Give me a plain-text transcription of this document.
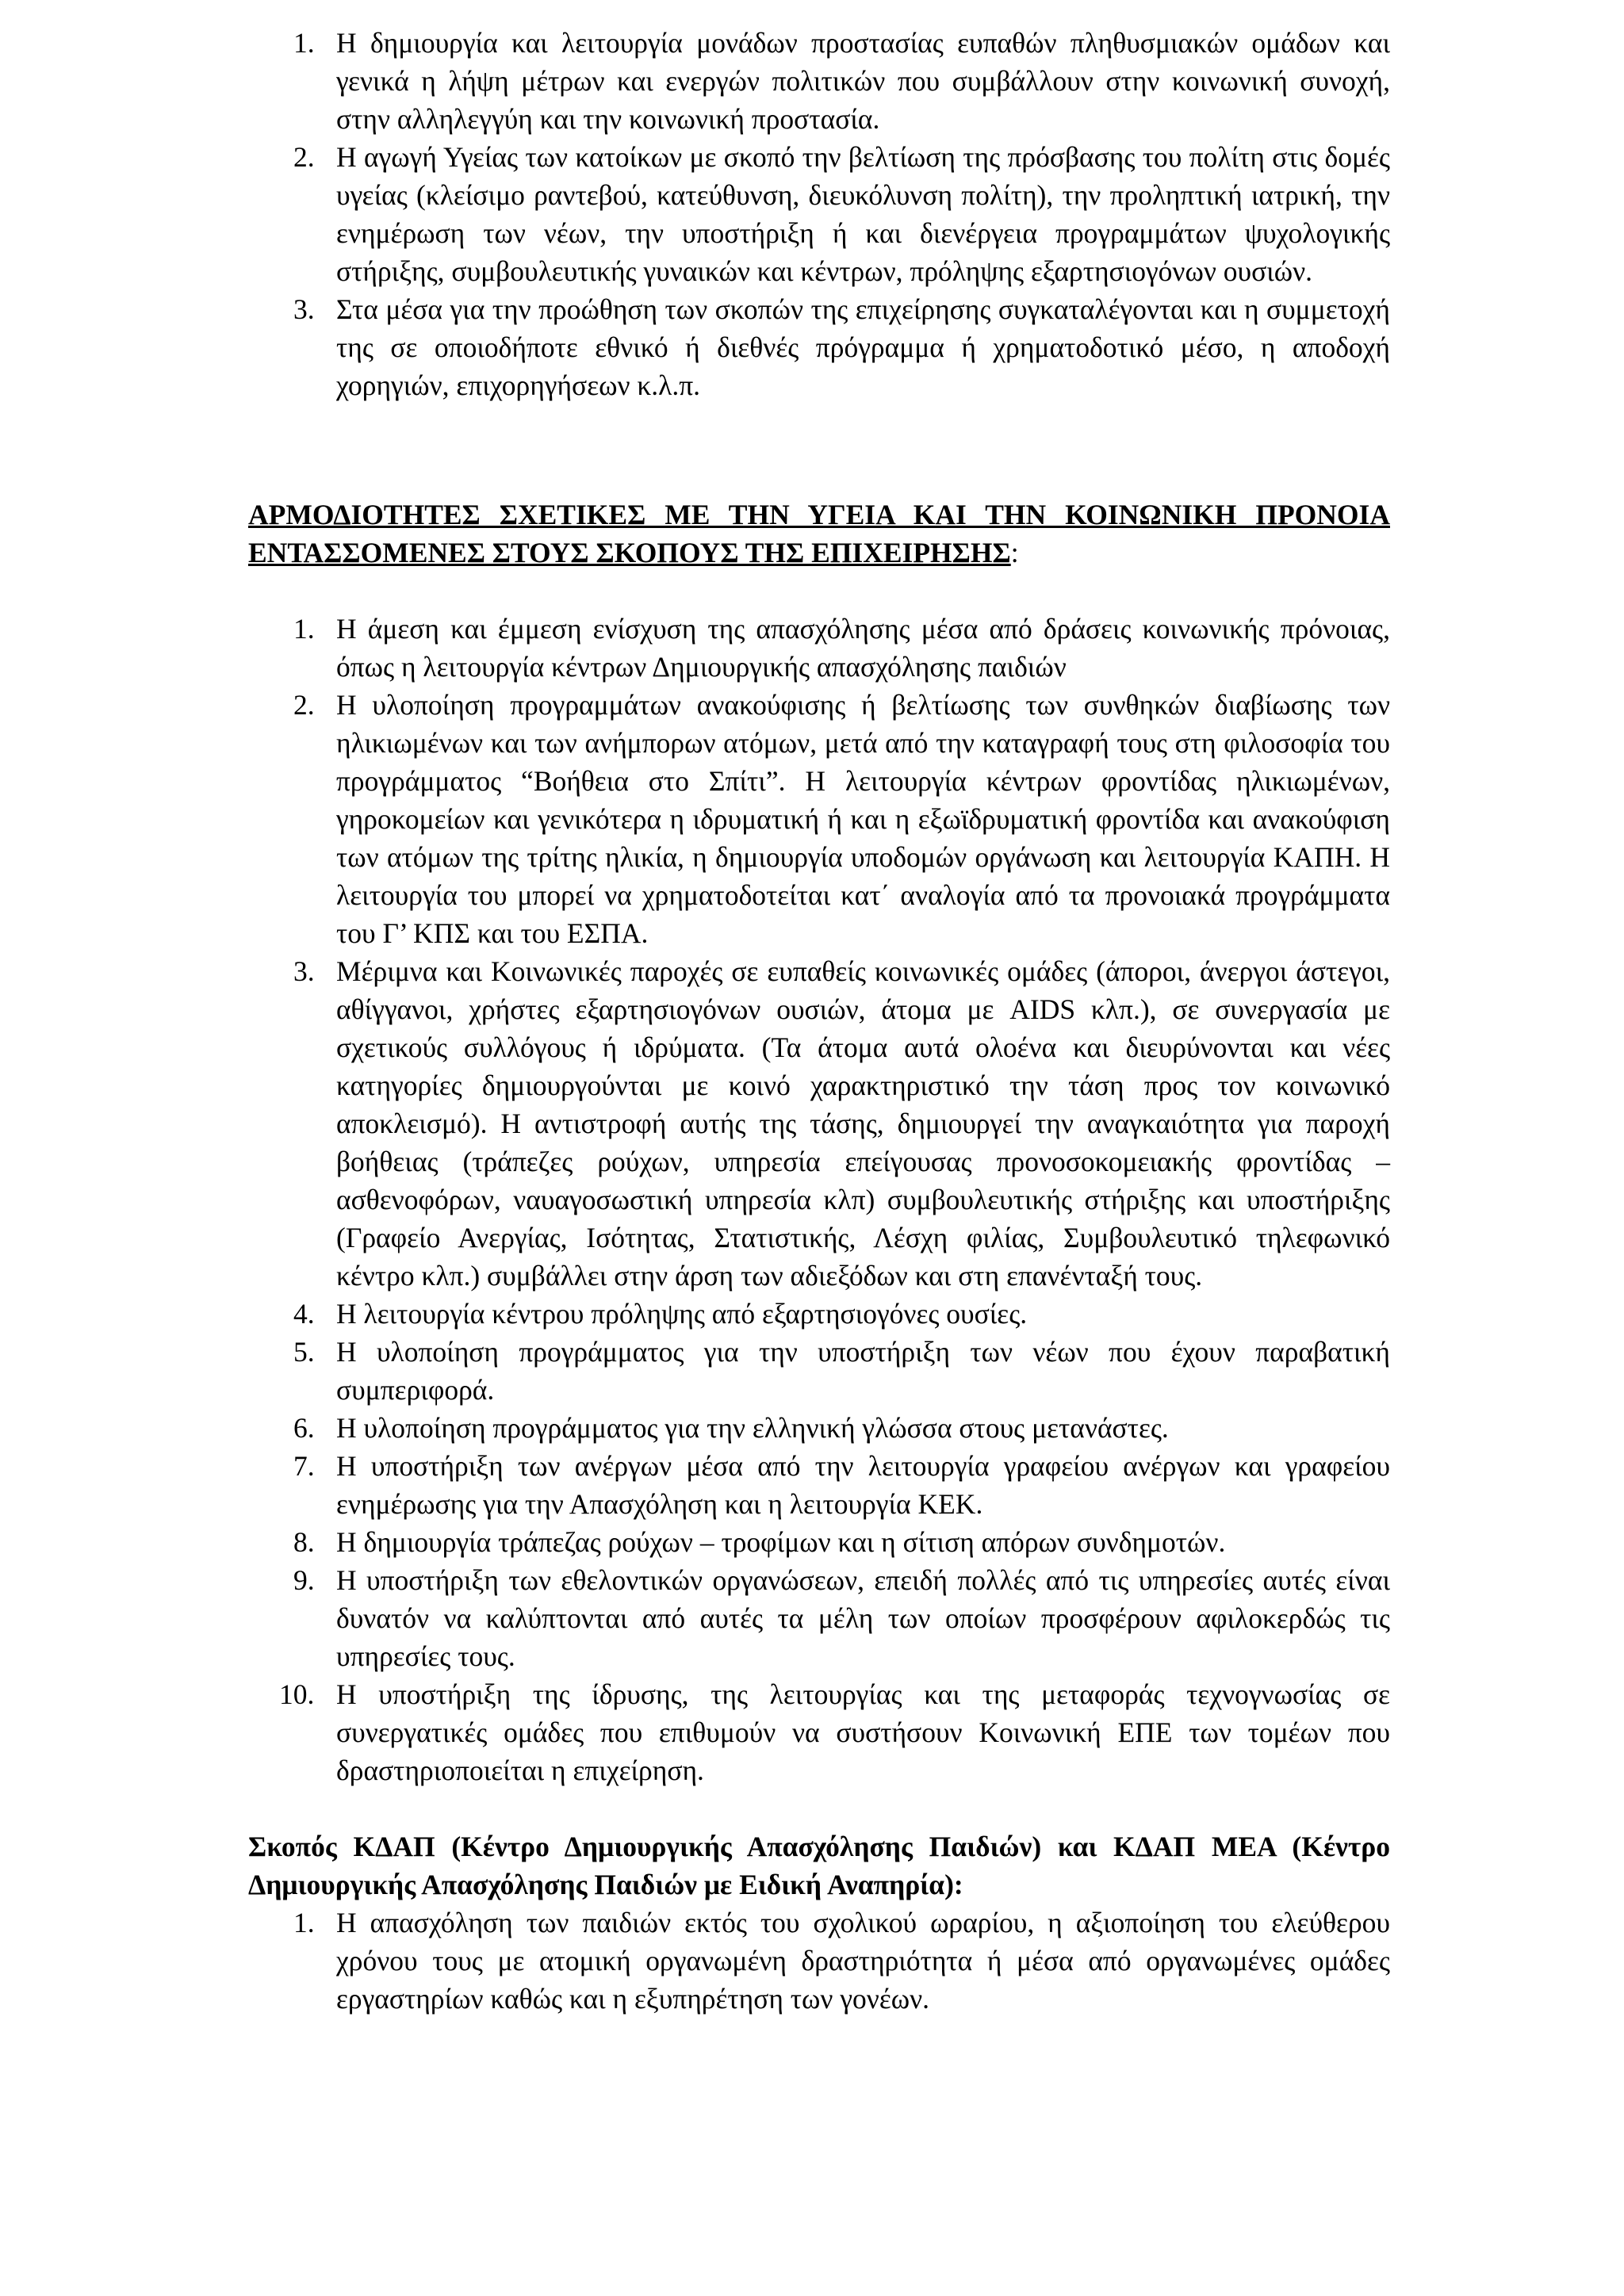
1. Η δημιουργία και λειτουργία μονάδων προστασίας ευπαθών πληθυσμιακών ομάδων και γενικά η λήψη μέτρων και ενεργών πολιτικών που συμβάλλουν στην κοινωνική συνοχή, στην αλληλεγγύη και την κοινωνική προστασία.
2. Η αγωγή Υγείας των κατοίκων με σκοπό την βελτίωση της πρόσβασης του πολίτη στις δομές υγείας (κλείσιμο ραντεβού, κατεύθυνση, διευκόλυνση πολίτη), την προληπτική ιατρική, την ενημέρωση των νέων, την υποστήριξη ή και διενέργεια προγραμμάτων ψυχολογικής στήριξης, συμβουλευτικής γυναικών και κέντρων, πρόληψης εξαρτησιογόνων ουσιών.
3. Στα μέσα για την προώθηση των σκοπών της επιχείρησης συγκαταλέγονται και η συμμετοχή της σε οποιοδήποτε εθνικό ή διεθνές πρόγραμμα ή χρηματοδοτικό μέσο, η αποδοχή χορηγιών, επιχορηγήσεων κ.λ.π.

ΑΡΜΟΔΙΟΤΗΤΕΣ ΣΧΕΤΙΚΕΣ ΜΕ ΤΗΝ ΥΓΕΙΑ ΚΑΙ ΤΗΝ ΚΟΙΝΩΝΙΚΗ ΠΡΟΝΟΙΑ ΕΝΤΑΣΣΟΜΕΝΕΣ ΣΤΟΥΣ ΣΚΟΠΟΥΣ ΤΗΣ ΕΠΙΧΕΙΡΗΣΗΣ:

1. Η άμεση και έμμεση ενίσχυση της απασχόλησης μέσα από δράσεις κοινωνικής πρόνοιας, όπως η λειτουργία κέντρων Δημιουργικής απασχόλησης παιδιών
2. Η υλοποίηση προγραμμάτων ανακούφισης ή βελτίωσης των συνθηκών διαβίωσης των ηλικιωμένων και των ανήμπορων ατόμων, μετά από την καταγραφή τους στη φιλοσοφία του προγράμματος “Βοήθεια στο Σπίτι”. Η λειτουργία κέντρων φροντίδας ηλικιωμένων, γηροκομείων και γενικότερα η ιδρυματική ή και η εξωϊδρυματική φροντίδα και ανακούφιση των ατόμων της τρίτης ηλικία, η δημιουργία υποδομών οργάνωση και λειτουργία ΚΑΠΗ. Η λειτουργία του μπορεί να χρηματοδοτείται κατ΄ αναλογία από τα προνοιακά προγράμματα του Γ’ ΚΠΣ και του ΕΣΠΑ.
3. Μέριμνα και Κοινωνικές παροχές σε ευπαθείς κοινωνικές ομάδες (άποροι, άνεργοι άστεγοι, αθίγγανοι, χρήστες εξαρτησιογόνων ουσιών, άτομα με AIDS κλπ.), σε συνεργασία με σχετικούς συλλόγους ή ιδρύματα. (Τα άτομα αυτά ολοένα και διευρύνονται και νέες κατηγορίες δημιουργούνται με κοινό χαρακτηριστικό την τάση προς τον κοινωνικό αποκλεισμό). Η αντιστροφή αυτής της τάσης, δημιουργεί την αναγκαιότητα για παροχή βοήθειας (τράπεζες ρούχων, υπηρεσία επείγουσας προνοσοκομειακής φροντίδας – ασθενοφόρων, ναυαγοσωστική υπηρεσία κλπ) συμβουλευτικής στήριξης και υποστήριξης (Γραφείο Ανεργίας, Ισότητας, Στατιστικής, Λέσχη φιλίας, Συμβουλευτικό τηλεφωνικό κέντρο κλπ.) συμβάλλει στην άρση των αδιεξόδων και στη επανένταξή τους.
4. Η λειτουργία κέντρου πρόληψης από εξαρτησιογόνες ουσίες.
5. Η υλοποίηση προγράμματος για την υποστήριξη των νέων που έχουν παραβατική συμπεριφορά.
6. Η υλοποίηση προγράμματος για την ελληνική γλώσσα στους μετανάστες.
7. Η υποστήριξη των ανέργων μέσα από την λειτουργία γραφείου ανέργων και γραφείου ενημέρωσης για την Απασχόληση και η λειτουργία ΚΕΚ.
8. Η δημιουργία τράπεζας ρούχων – τροφίμων και η σίτιση απόρων συνδημοτών.
9. Η υποστήριξη των εθελοντικών οργανώσεων, επειδή πολλές από τις υπηρεσίες αυτές είναι δυνατόν να καλύπτονται από αυτές τα μέλη των οποίων προσφέρουν αφιλοκερδώς τις υπηρεσίες τους.
10. Η υποστήριξη της ίδρυσης, της λειτουργίας και της μεταφοράς τεχνογνωσίας σε συνεργατικές ομάδες που επιθυμούν να συστήσουν Κοινωνική ΕΠΕ των τομέων που δραστηριοποιείται η επιχείρηση.

Σκοπός ΚΔΑΠ (Κέντρο Δημιουργικής Απασχόλησης Παιδιών) και ΚΔΑΠ ΜΕΑ (Κέντρο Δημιουργικής Απασχόλησης Παιδιών με Ειδική Αναπηρία):

1. Η απασχόληση των παιδιών εκτός του σχολικού ωραρίου, η αξιοποίηση του ελεύθερου χρόνου τους με ατομική οργανωμένη δραστηριότητα ή μέσα από οργανωμένες ομάδες εργαστηρίων καθώς και η εξυπηρέτηση των γονέων.
